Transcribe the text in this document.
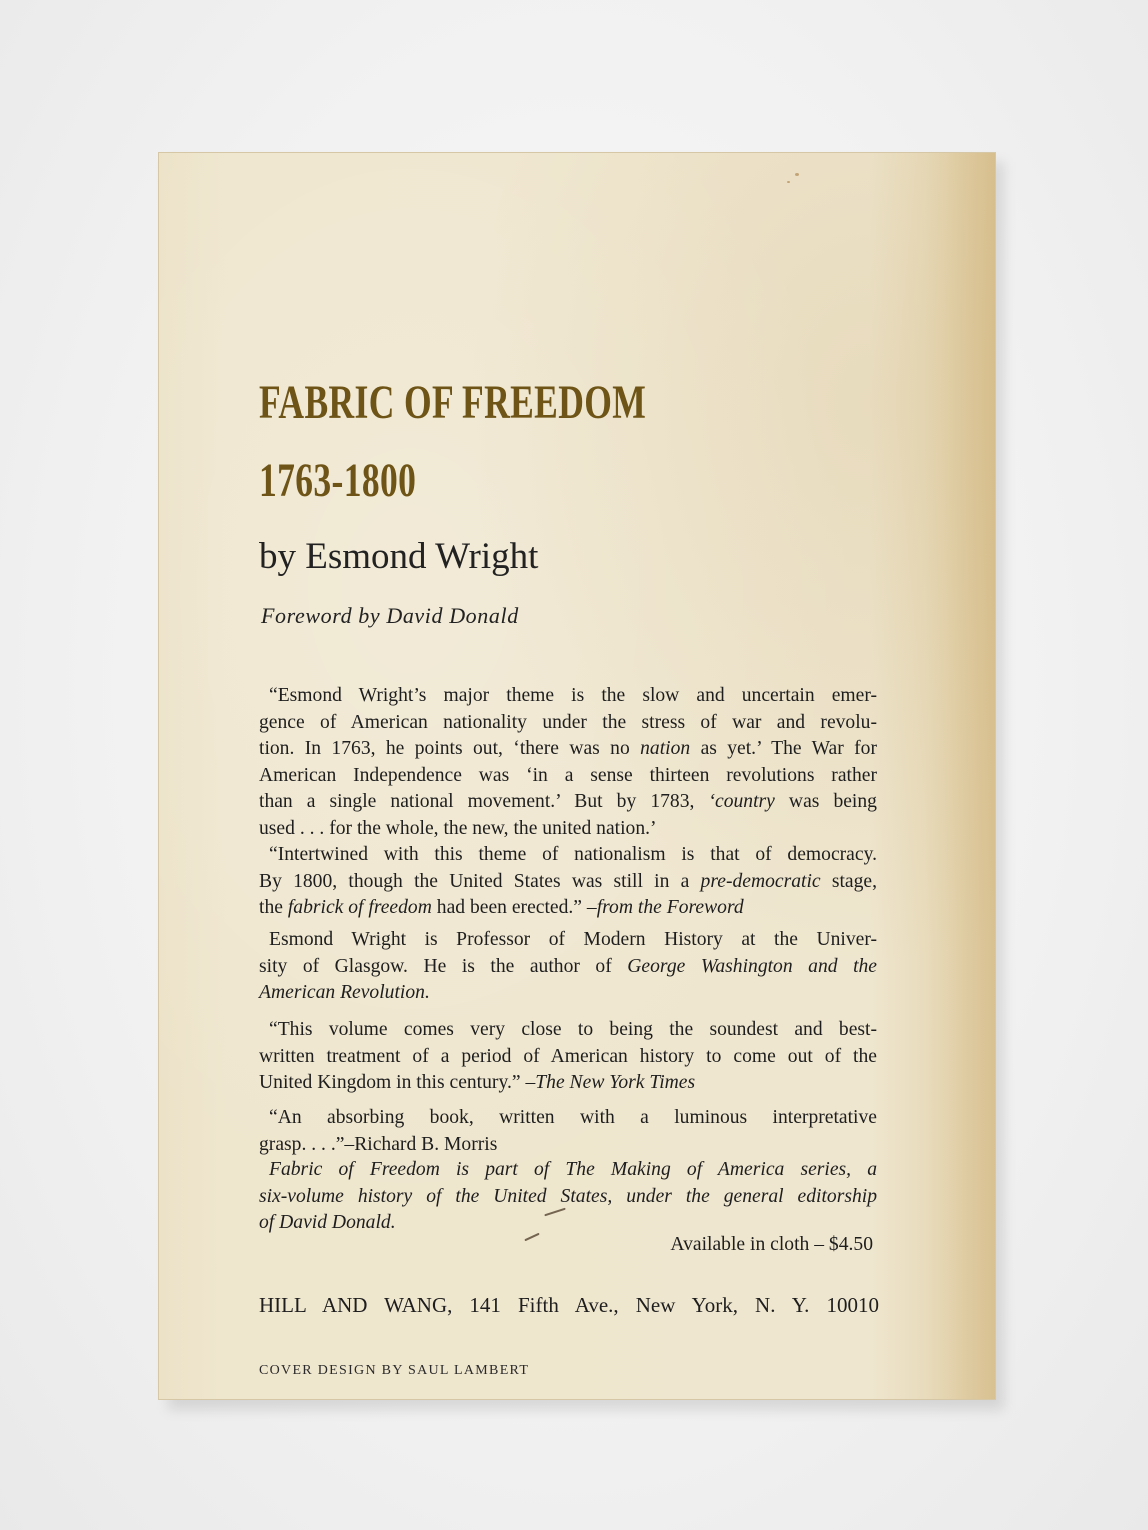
FABRIC OF FREEDOM
1763-1800

by Esmond Wright

Foreword by David Donald

“Esmond Wright’s major theme is the slow and uncertain emer-
gence of American nationality under the stress of war and revolu-
tion. In 1763, he points out, ‘there was no nation as yet.’ The War for
American Independence was ‘in a sense thirteen revolutions rather
than a single national movement.’ But by 1783, ‘country was being
used . . . for the whole, the new, the united nation.’
“Intertwined with this theme of nationalism is that of democracy.
By 1800, though the United States was still in a pre-democratic stage,
the fabrick of freedom had been erected.” –from the Foreword
Esmond Wright is Professor of Modern History at the Univer-
sity of Glasgow. He is the author of George Washington and the
American Revolution.
“This volume comes very close to being the soundest and best-
written treatment of a period of American history to come out of the
United Kingdom in this century.” –The New York Times
“An absorbing book, written with a luminous interpretative
grasp. . . .”–Richard B. Morris
Fabric of Freedom is part of The Making of America series, a
six-volume history of the United States, under the general editorship
of David Donald.
Available in cloth – $4.50
HILL AND WANG, 141 Fifth Ave., New York, N. Y. 10010
COVER DESIGN BY SAUL LAMBERT
